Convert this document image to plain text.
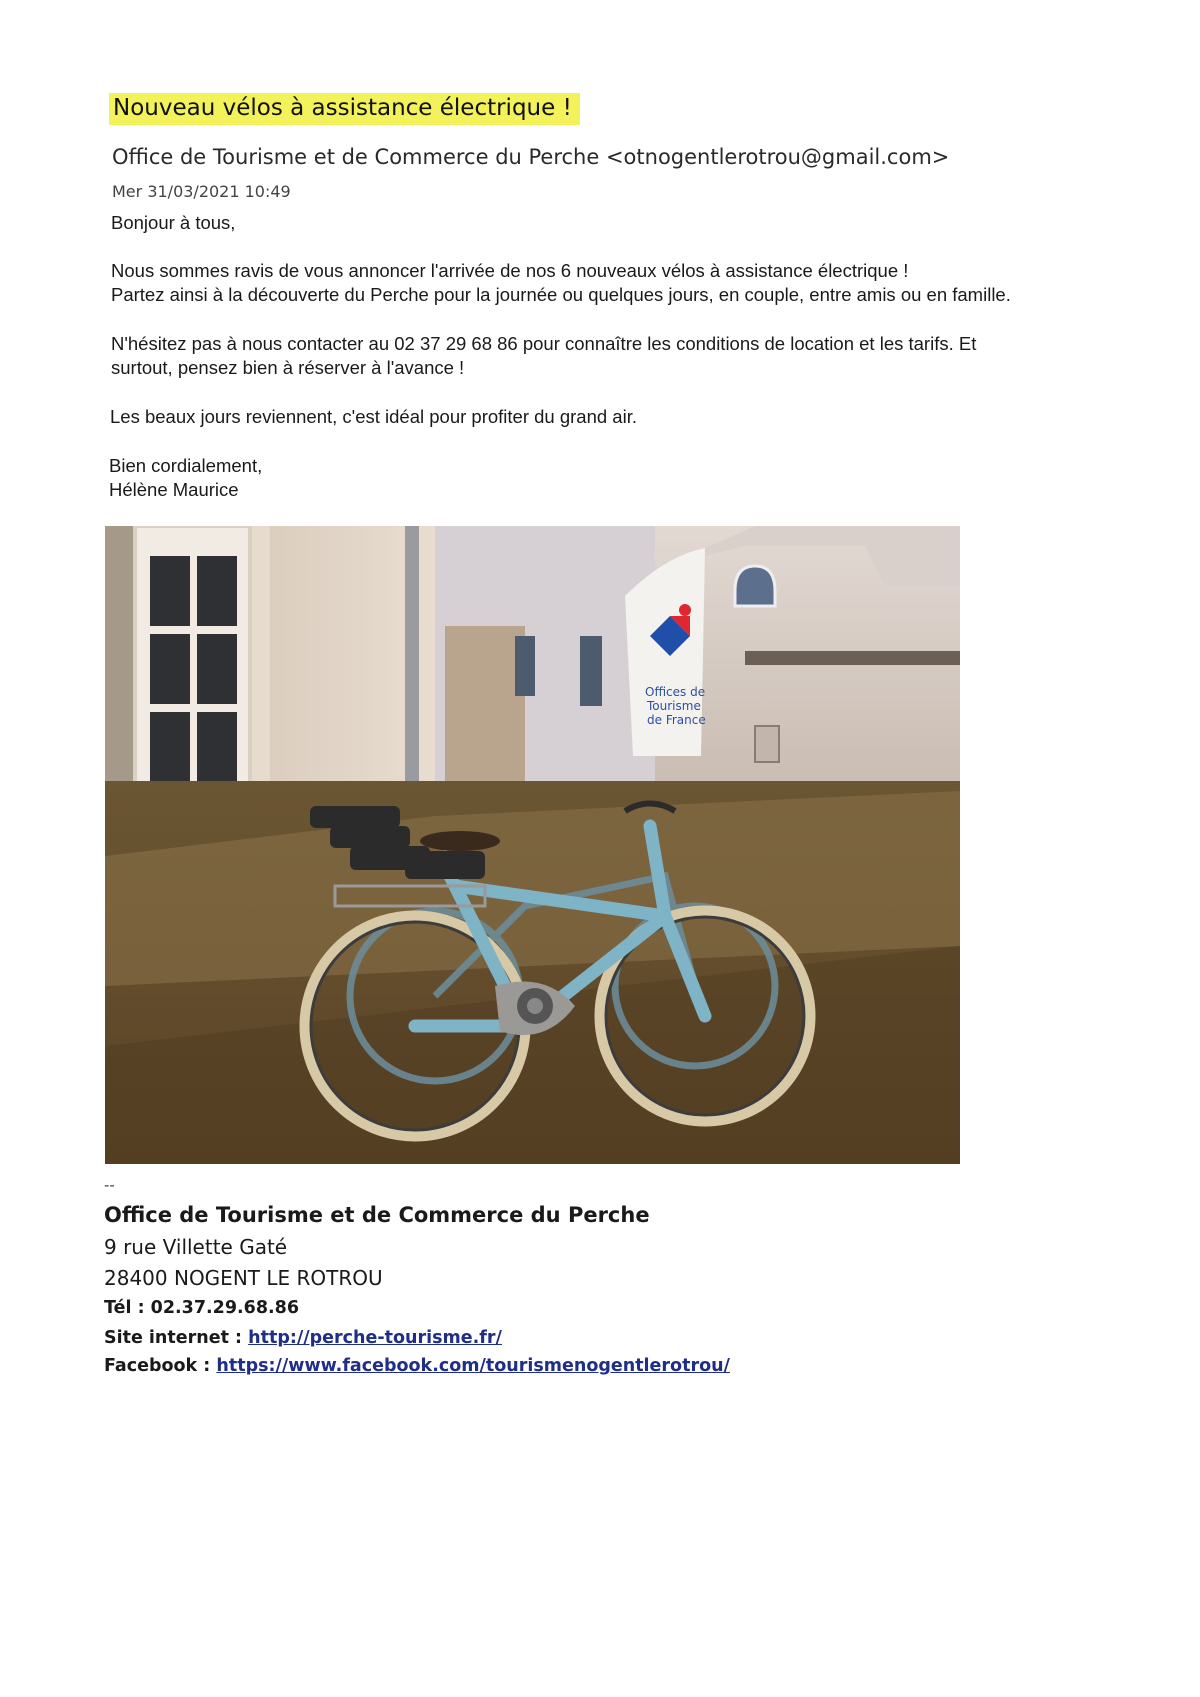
Nouveau vélos à assistance électrique !
Office de Tourisme et de Commerce du Perche <otnogentlerotrou@gmail.com>
Mer 31/03/2021 10:49
Bonjour à tous,
Nous sommes ravis de vous annoncer l'arrivée de nos 6 nouveaux vélos à assistance électrique !
Partez ainsi à la découverte du Perche pour la journée ou quelques jours, en couple, entre amis ou en famille.
N'hésitez pas à nous contacter au 02 37 29 68 86 pour connaître les conditions de location et les tarifs. Et
surtout, pensez bien à réserver à l'avance !
Les beaux jours reviennent, c'est idéal pour profiter du grand air.
Bien cordialement,
Hélène Maurice
Offices de
Tourisme
de France
--
Office de Tourisme et de Commerce du Perche
9 rue Villette Gaté
28400 NOGENT LE ROTROU
Tél : 02.37.29.68.86
Site internet : http://perche-tourisme.fr/
Facebook : https://www.facebook.com/tourismenogentlerotrou/
